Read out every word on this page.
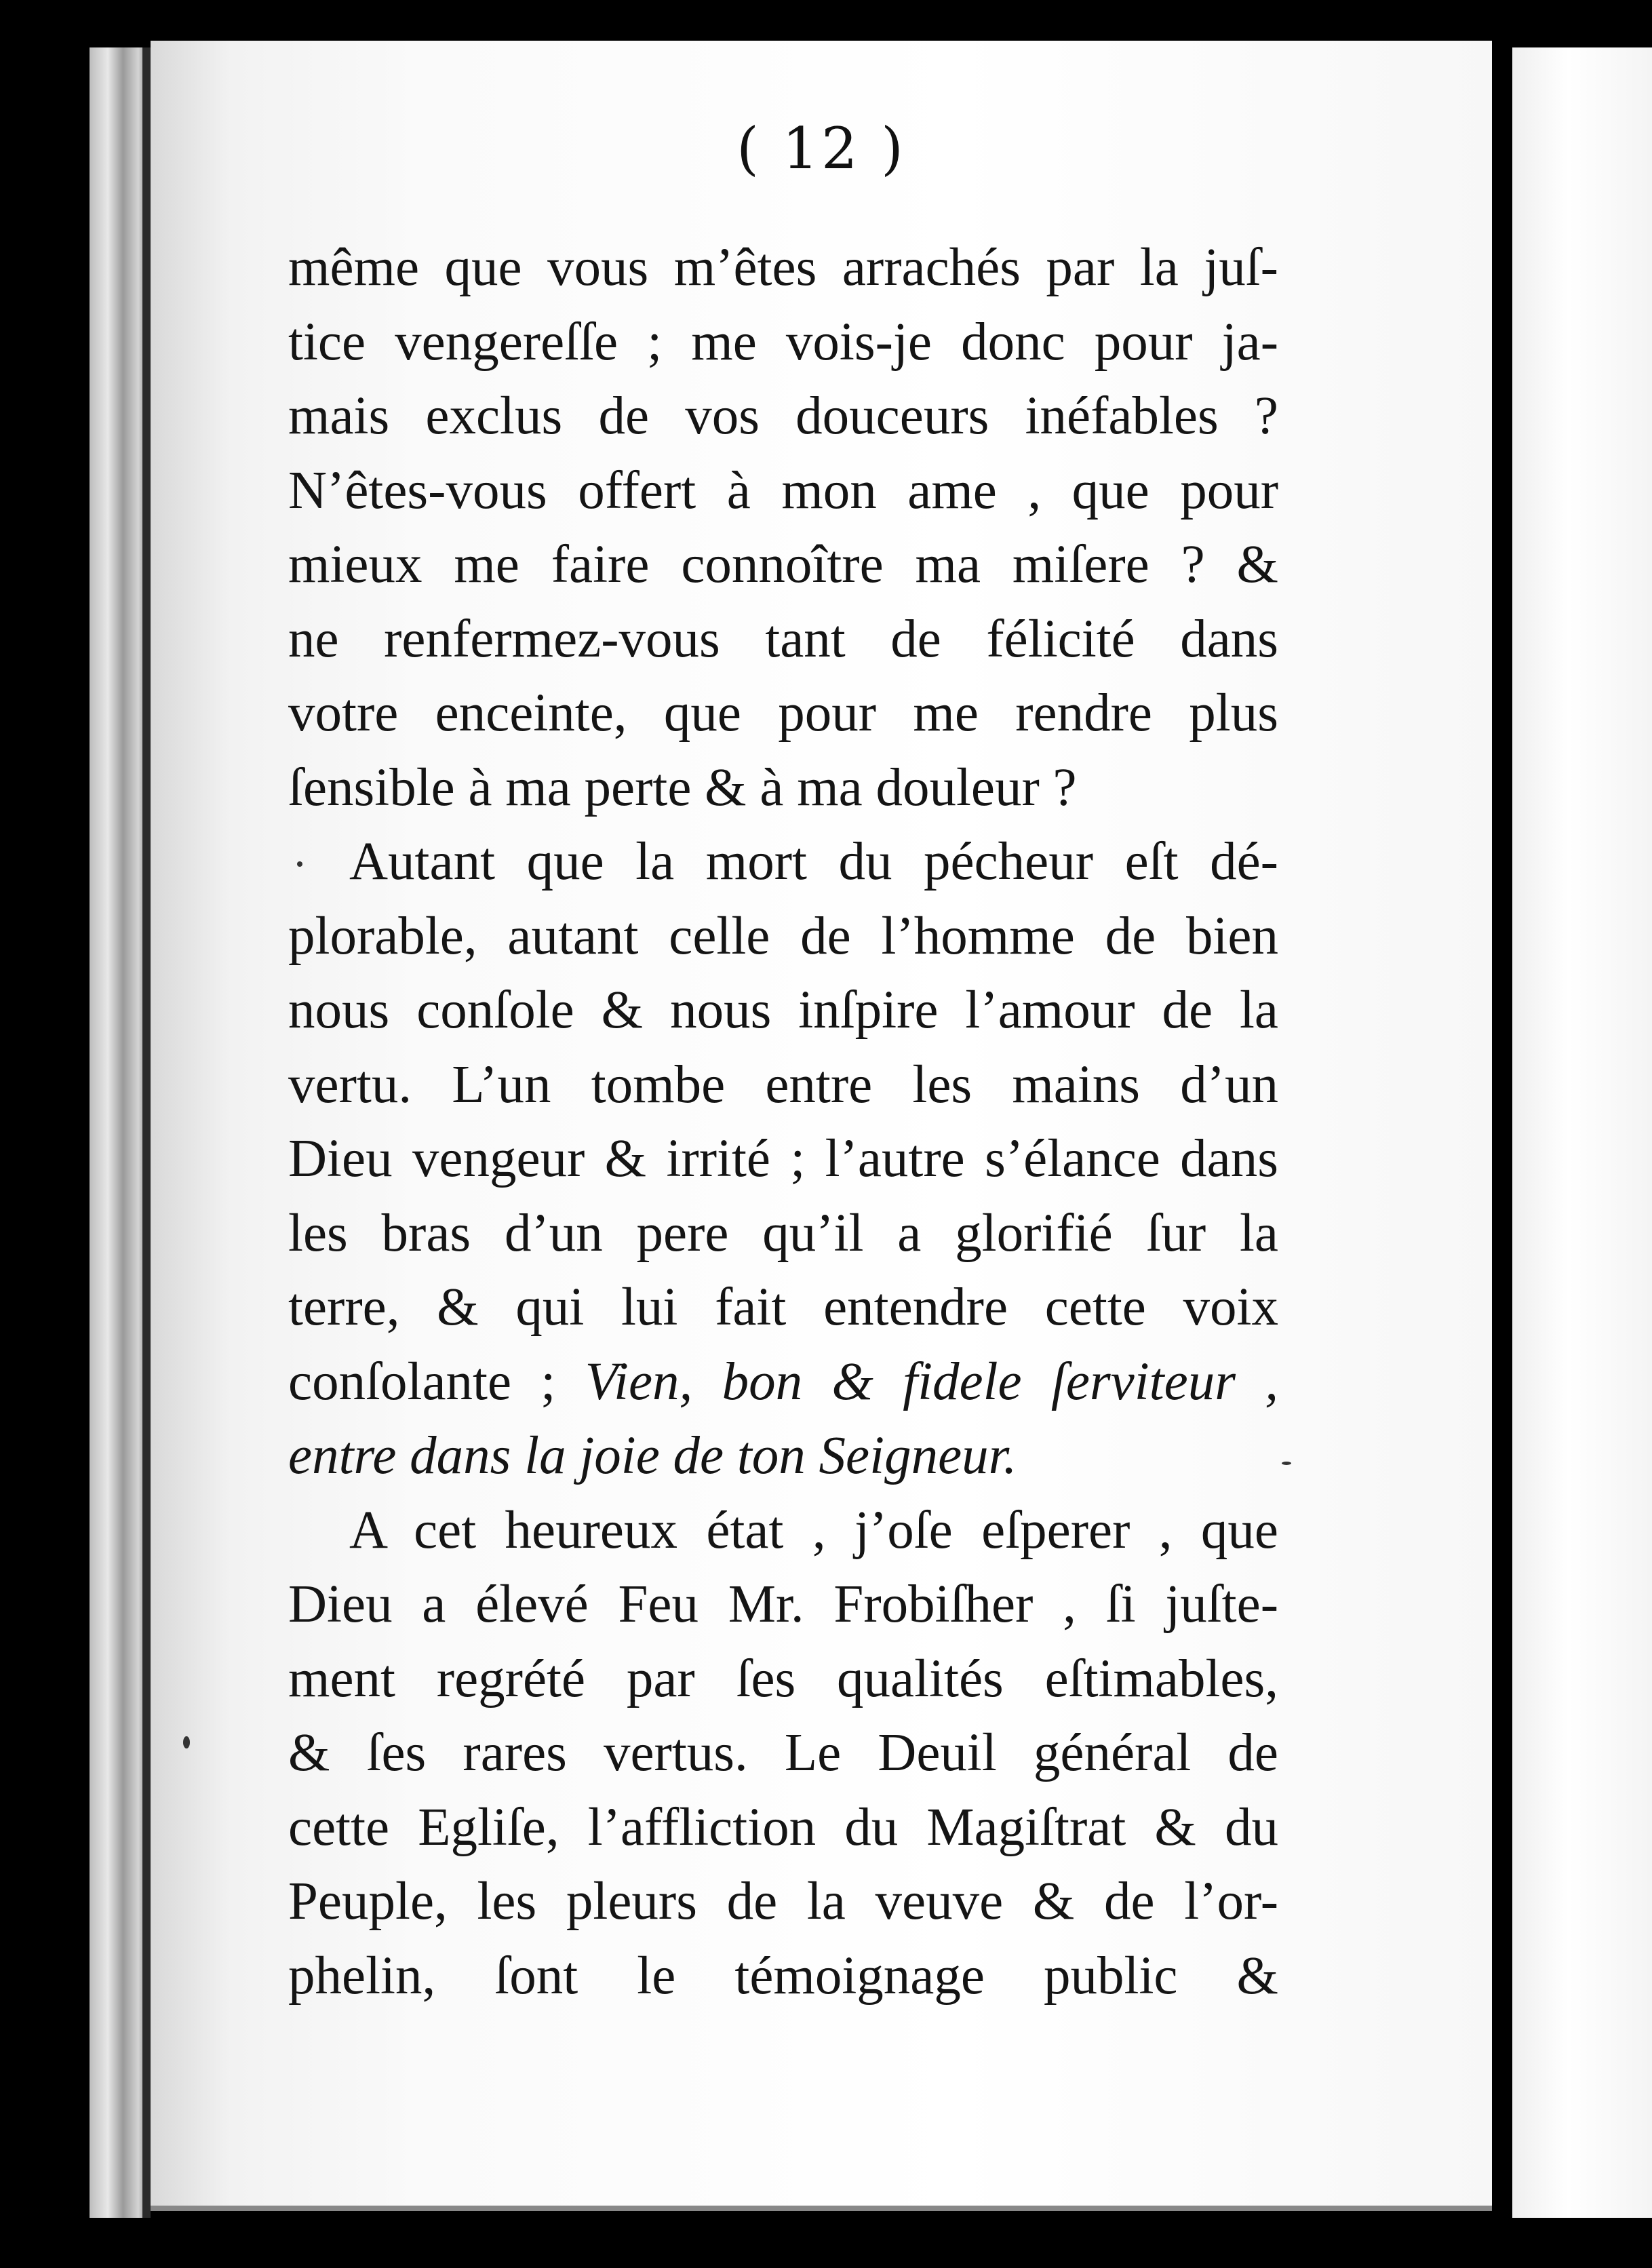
( 12 )
même que vous m’êtes arrachés par la juſ-
tice vengereſſe ; me vois-je donc pour ja-
mais exclus de vos douceurs inéfables ?
N’êtes-vous offert à mon ame , que pour
mieux me faire connoître ma miſere ? &
ne renfermez-vous tant de félicité dans
votre enceinte, que pour me rendre plus
ſensible à ma perte & à ma douleur ?
Autant que la mort du pécheur eſt dé-
plorable, autant celle de l’homme de bien
nous conſole & nous inſpire l’amour de la
vertu. L’un tombe entre les mains d’un
Dieu vengeur & irrité ; l’autre s’élance dans
les bras d’un pere qu’il a glorifié ſur la
terre, & qui lui fait entendre cette voix
conſolante ; Vien, bon & fidele ſerviteur ,
entre dans la joie de ton Seigneur.
A cet heureux état , j’oſe eſperer , que
Dieu a élevé Feu Mr. Frobiſher , ſi juſte-
ment regrété par ſes qualités eſtimables,
& ſes rares vertus. Le Deuil général de
cette Egliſe, l’affliction du Magiſtrat & du
Peuple, les pleurs de la veuve & de l’or-
phelin, ſont le témoignage public &
